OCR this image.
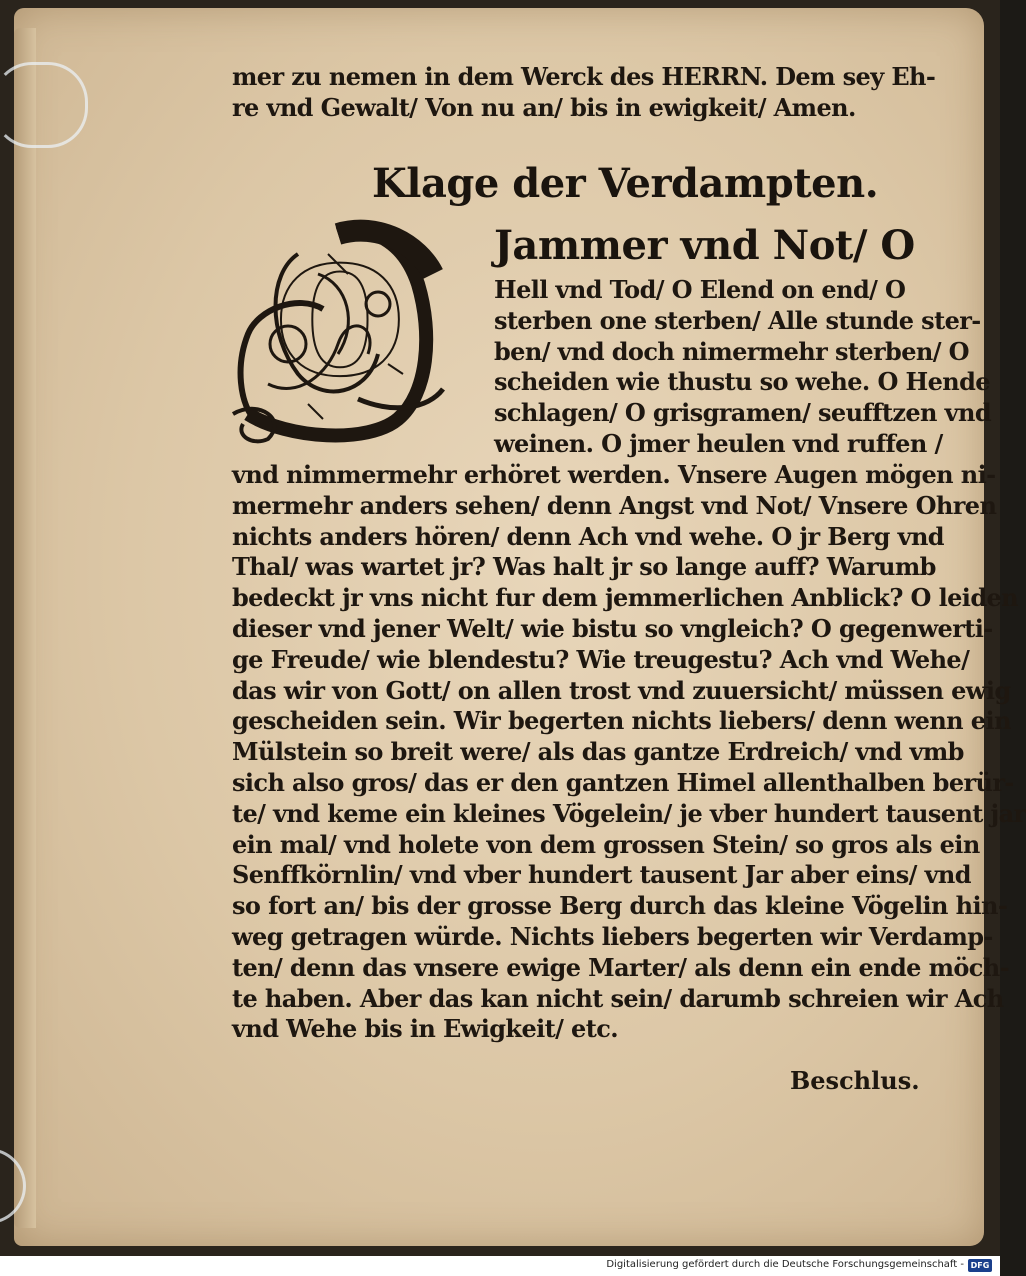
mer zu nemen in dem Werck des HERRN. Dem sey Eh-
re vnd Gewalt/ Von nu an/ bis in ewigkeit/ Amen.
Klage der Verdampten.
O Jammer vnd Not/ O
Hell vnd Tod/ O Elend on end/ O
sterben one sterben/ Alle stunde ster-
ben/ vnd doch nimermehr sterben/ O
scheiden wie thustu so wehe. O Hende
schlagen/ O grisgramen/ seufftzen vnd
weinen. O jmer heulen vnd ruffen /
vnd nimmermehr erhöret werden. Vnsere Augen mögen ni-
mermehr anders sehen/ denn Angst vnd Not/ Vnsere Ohren
nichts anders hören/ denn Ach vnd wehe. O jr Berg vnd
Thal/ was wartet jr? Was halt jr so lange auff? Warumb
bedeckt jr vns nicht fur dem jemmerlichen Anblick? O leiden
dieser vnd jener Welt/ wie bistu so vngleich? O gegenwerti-
ge Freude/ wie blendestu? Wie treugestu? Ach vnd Wehe/
das wir von Gott/ on allen trost vnd zuuersicht/ müssen ewig
gescheiden sein. Wir begerten nichts liebers/ denn wenn ein
Mülstein so breit were/ als das gantze Erdreich/ vnd vmb
sich also gros/ das er den gantzen Himel allenthalben berür-
te/ vnd keme ein kleines Vögelein/ je vber hundert tausent jar
ein mal/ vnd holete von dem grossen Stein/ so gros als ein
Senffkörnlin/ vnd vber hundert tausent Jar aber eins/ vnd
so fort an/ bis der grosse Berg durch das kleine Vögelin hin-
weg getragen würde. Nichts liebers begerten wir Verdamp-
ten/ denn das vnsere ewige Marter/ als denn ein ende möch-
te haben. Aber das kan nicht sein/ darumb schreien wir Ach
vnd Wehe bis in Ewigkeit/ etc.
Beschlus.
Digitalisierung gefördert durch die Deutsche Forschungsgemeinschaft - DFG
